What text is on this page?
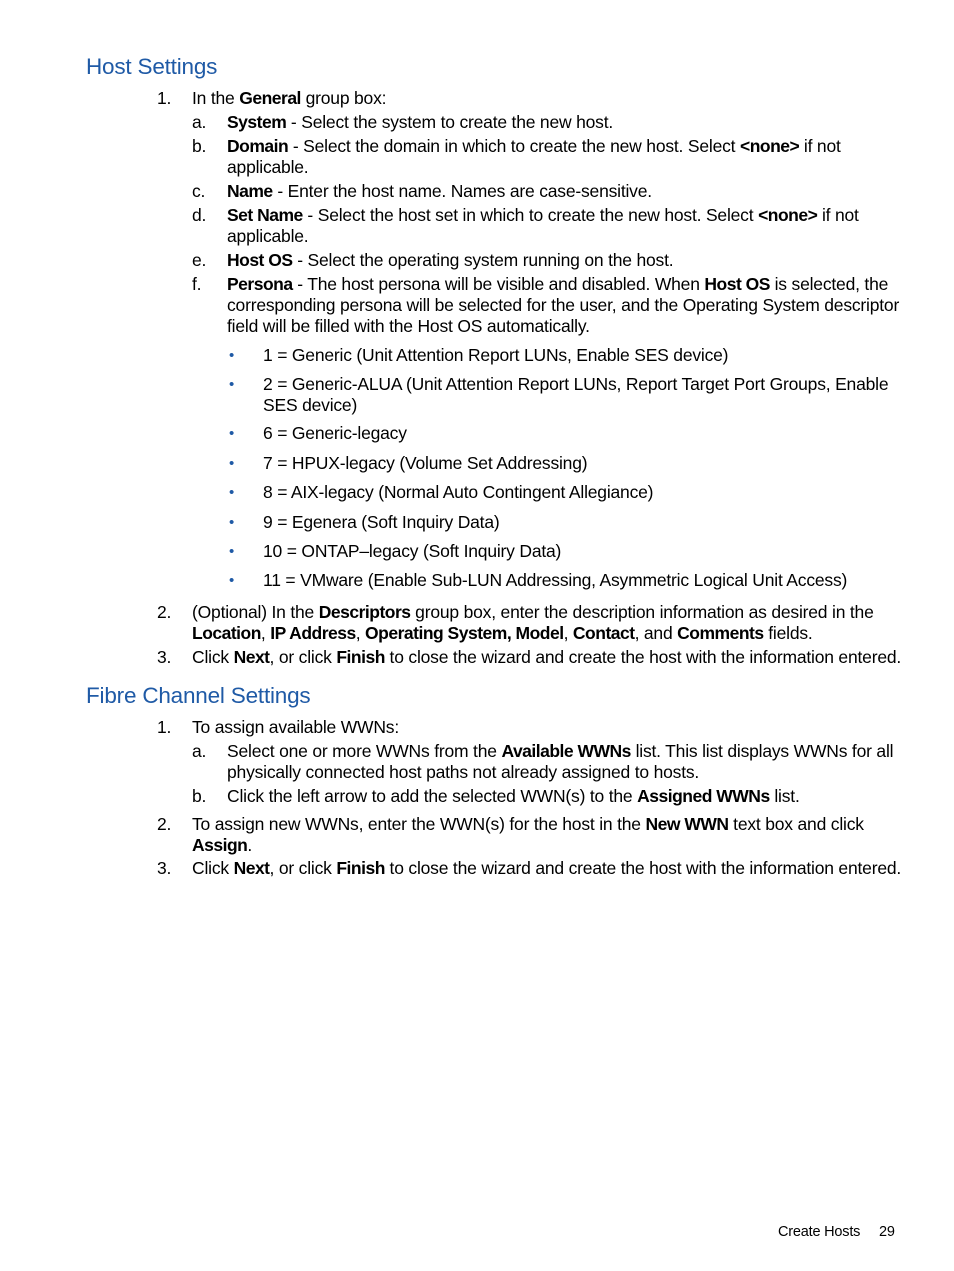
Host Settings
1. In the General group box:
a. System - Select the system to create the new host.
b. Domain - Select the domain in which to create the new host. Select <none> if not applicable.
c. Name - Enter the host name. Names are case-sensitive.
d. Set Name - Select the host set in which to create the new host. Select <none> if not applicable.
e. Host OS - Select the operating system running on the host.
f. Persona - The host persona will be visible and disabled. When Host OS is selected, the corresponding persona will be selected for the user, and the Operating System descriptor field will be filled with the Host OS automatically.
• 1 = Generic (Unit Attention Report LUNs, Enable SES device)
• 2 = Generic-ALUA (Unit Attention Report LUNs, Report Target Port Groups, Enable SES device)
• 6 = Generic-legacy
• 7 = HPUX-legacy (Volume Set Addressing)
• 8 = AIX-legacy (Normal Auto Contingent Allegiance)
• 9 = Egenera (Soft Inquiry Data)
• 10 = ONTAP–legacy (Soft Inquiry Data)
• 11 = VMware (Enable Sub-LUN Addressing, Asymmetric Logical Unit Access)
2. (Optional) In the Descriptors group box, enter the description information as desired in the Location, IP Address, Operating System, Model, Contact, and Comments fields.
3. Click Next, or click Finish to close the wizard and create the host with the information entered.
Fibre Channel Settings
1. To assign available WWNs:
a. Select one or more WWNs from the Available WWNs list. This list displays WWNs for all physically connected host paths not already assigned to hosts.
b. Click the left arrow to add the selected WWN(s) to the Assigned WWNs list.
2. To assign new WWNs, enter the WWN(s) for the host in the New WWN text box and click Assign.
3. Click Next, or click Finish to close the wizard and create the host with the information entered.
Create Hosts 29
